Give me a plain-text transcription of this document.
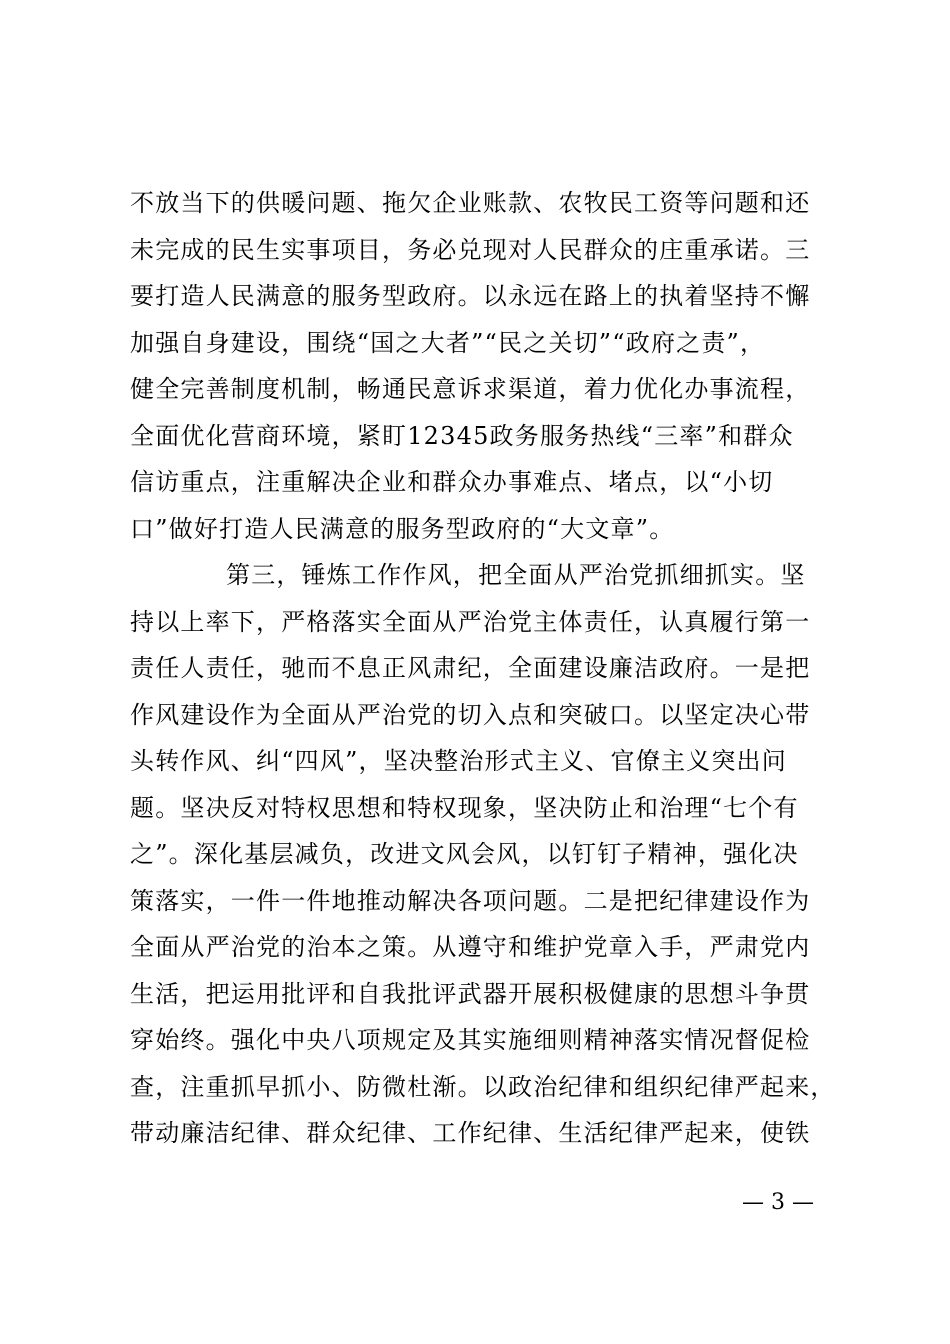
不放当下的供暖问题、拖欠企业账款、农牧民工资等问题和还
未完成的民生实事项目，务必兑现对人民群众的庄重承诺。三
要打造人民满意的服务型政府。以永远在路上的执着坚持不懈
加强自身建设，围绕“国之大者”“民之关切”“政府之责”，
健全完善制度机制，畅通民意诉求渠道，着力优化办事流程，
全面优化营商环境，紧盯12345政务服务热线“三率”和群众
信访重点，注重解决企业和群众办事难点、堵点，以“小切
口”做好打造人民满意的服务型政府的“大文章”。
第三，锤炼工作作风，把全面从严治党抓细抓实。坚
持以上率下，严格落实全面从严治党主体责任，认真履行第一
责任人责任，驰而不息正风肃纪，全面建设廉洁政府。一是把
作风建设作为全面从严治党的切入点和突破口。以坚定决心带
头转作风、纠“四风”，坚决整治形式主义、官僚主义突出问
题。坚决反对特权思想和特权现象，坚决防止和治理“七个有
之”。深化基层减负，改进文风会风，以钉钉子精神，强化决
策落实，一件一件地推动解决各项问题。二是把纪律建设作为
全面从严治党的治本之策。从遵守和维护党章入手，严肃党内
生活，把运用批评和自我批评武器开展积极健康的思想斗争贯
穿始终。强化中央八项规定及其实施细则精神落实情况督促检
查，注重抓早抓小、防微杜渐。以政治纪律和组织纪律严起来，
带动廉洁纪律、群众纪律、工作纪律、生活纪律严起来，使铁
— 3 —
